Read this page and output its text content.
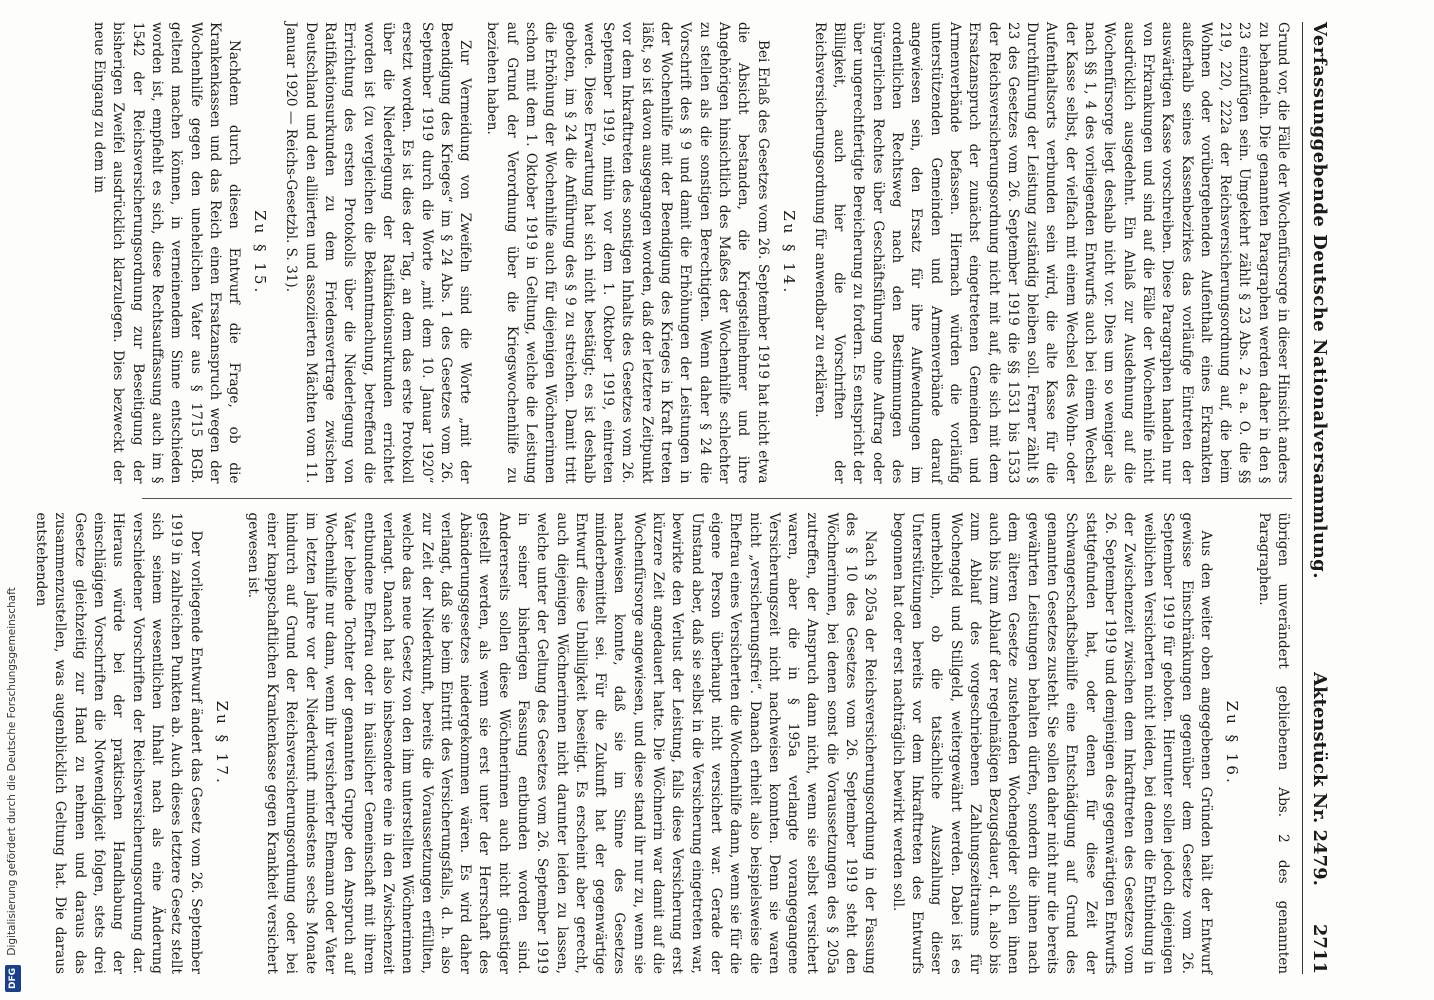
DFG Digitalisierung gefördert durch die Deutsche Forschungsgemeinschaft
Verfassunggebende Deutsche Nationalversammlung.
Aktenstück Nr. 2479.
2711

Grund vor, die Fälle der Wochenfürsorge in dieser Hinsicht anders zu behandeln. Die genannten Paragraphen werden daher in den § 23 einzufügen sein. Umgekehrt zählt § 23 Abs. 2 a. a. O. die §§ 219, 220, 222a der Reichsversicherungsordnung auf, die beim Wohnen oder vorübergehenden Aufenthalt eines Erkrankten außerhalb seines Kassenbezirkes das vorläufige Eintreten der auswärtigen Kasse vorschreiben. Diese Paragraphen handeln nur von Erkrankungen und sind auf die Fälle der Wochenhilfe nicht ausdrücklich ausgedehnt. Ein Anlaß zur Ausdehnung auf die Wochenfürsorge liegt deshalb nicht vor. Dies um so weniger als nach §§ 1, 4 des vorliegenden Entwurfs auch bei einem Wechsel der Kasse selbst, der vielfach mit einem Wechsel des Wohn- oder Aufenthaltsorts verbunden sein wird, die alte Kasse für die Durchführung der Leistung zuständig bleiben soll. Ferner zählt § 23 des Gesetzes vom 26. September 1919 die §§ 1531 bis 1533 der Reichsversicherungsordnung nicht mit auf, die sich mit dem Ersatzanspruch der zunächst eingetretenen Gemeinden und Armenverbände befassen. Hiernach würden die vorläufig unterstützenden Gemeinden und Armenverbände darauf angewiesen sein, den Ersatz für ihre Aufwendungen im ordentlichen Rechtsweg nach den Bestimmungen des bürgerlichen Rechtes über Geschäftsführung ohne Auftrag oder über ungerechtfertigte Bereicherung zu fordern. Es entspricht der Billigkeit, auch hier die Vorschriften der Reichsversicherungsordnung für anwendbar zu erklären.

Zu § 14.

Bei Erlaß des Gesetzes vom 26. September 1919 hat nicht etwa die Absicht bestanden, die Kriegsteilnehmer und ihre Angehörigen hinsichtlich des Maßes der Wochenhilfe schlechter zu stellen als die sonstigen Berechtigten. Wenn daher § 24 die Vorschrift des § 9 und damit die Erhöhungen der Leistungen in der Wochenhilfe mit der Beendigung des Krieges in Kraft treten läßt, so ist davon ausgegangen worden, daß der letztere Zeitpunkt vor dem Inkrafttreten des sonstigen Inhalts des Gesetzes vom 26. September 1919, mithin vor dem 1. Oktober 1919, eintreten werde. Diese Erwartung hat sich nicht bestätigt; es ist deshalb geboten, im § 24 die Anführung des § 9 zu streichen. Damit tritt die Erhöhung der Wochenhilfe auch für diejenigen Wöchnerinnen schon mit dem 1. Oktober 1919 in Geltung, welche die Leistung auf Grund der Verordnung über die Kriegswochenhilfe zu beziehen haben.

Zur Vermeidung von Zweifeln sind die Worte „mit der Beendigung des Krieges“ im § 24 Abs. 1 des Gesetzes vom 26. September 1919 durch die Worte „mit dem 10. Januar 1920“ ersetzt worden. Es ist dies der Tag, an dem das erste Protokoll über die Niederlegung der Ratifikationsurkunden errichtet worden ist (zu vergleichen die Bekanntmachung, betreffend die Errichtung des ersten Protokolls über die Niederlegung von Ratifikationsurkunden zu dem Friedensvertrage zwischen Deutschland und den alliierten und assoziierten Mächten vom 11. Januar 1920 — Reichs-Gesetzbl. S. 31).

Zu § 15.

Nachdem durch diesen Entwurf die Frage, ob die Krankenkassen und das Reich einen Ersatzanspruch wegen der Wochenhilfe gegen den unehelichen Vater aus § 1715 BGB. geltend machen können, in verneinendem Sinne entschieden worden ist, empfiehlt es sich, diese Rechtsauffassung auch im § 1542 der Reichsversicherungsordnung zur Beseitigung der bisherigen Zweifel ausdrücklich klarzulegen. Dies bezweckt der neue Eingang zu dem im

übrigen unverändert gebliebenen Abs. 2 des genannten Paragraphen.

Zu § 16.

Aus den weiter oben angegebenen Gründen hält der Entwurf gewisse Einschränkungen gegenüber dem Gesetze vom 26. September 1919 für geboten. Hierunter sollen jedoch diejenigen weiblichen Versicherten nicht leiden, bei denen die Entbindung in der Zwischenzeit zwischen dem Inkrafttreten des Gesetzes vom 26. September 1919 und demjenigen des gegenwärtigen Entwurfs stattgefunden hat, oder denen für diese Zeit der Schwangerschaftsbeihilfe eine Entschädigung auf Grund des genannten Gesetzes zusteht. Sie sollen daher nicht nur die bereits gewährten Leistungen behalten dürfen, sondern die ihnen nach dem älteren Gesetze zustehenden Wochengelder sollen ihnen auch bis zum Ablauf der regelmäßigen Bezugsdauer, d. h. also bis zum Ablauf des vorgeschriebenen Zahlungszeitraums für Wochengeld und Stillgeld, weitergewährt werden. Dabei ist es unerheblich, ob die tatsächliche Auszahlung dieser Unterstützungen bereits vor dem Inkrafttreten des Entwurfs begonnen hat oder erst nachträglich bewirkt werden soll.

Nach § 205a der Reichsversicherungsordnung in der Fassung des § 10 des Gesetzes vom 26. September 1919 steht den Wöchnerinnen, bei denen sonst die Voraussetzungen des § 205a zutreffen, der Anspruch dann nicht, wenn sie selbst versichert waren, aber die in § 195a verlangte vorangegangene Versicherungszeit nicht nachweisen konnten. Denn sie waren nicht „versicherungsfrei“. Danach erhielt also beispielsweise die Ehefrau eines Versicherten die Wochenhilfe dann, wenn sie für die eigene Person überhaupt nicht versichert war. Gerade der Umstand aber, daß sie selbst in die Versicherung eingetreten war, bewirkte den Verlust der Leistung, falls diese Versicherung erst kürzere Zeit angedauert hatte. Die Wöchnerin war damit auf die Wochenfürsorge angewiesen, und diese stand ihr nur zu, wenn sie nachweisen konnte, daß sie im Sinne des Gesetzes minderbemittelt sei. Für die Zukunft hat der gegenwärtige Entwurf diese Unbilligkeit beseitigt. Es erscheint aber gerecht, auch diejenigen Wöchnerinnen nicht darunter leiden zu lassen, welche unter der Geltung des Gesetzes vom 26. September 1919 in seiner bisherigen Fassung entbunden worden sind. Andererseits sollen diese Wöchnerinnen auch nicht günstiger gestellt werden, als wenn sie erst unter der Herrschaft des Abänderungsgesetzes niedergekommen wären. Es wird daher verlangt, daß sie beim Eintritt des Versicherungsfalls, d. h. also zur Zeit der Niederkunft, bereits die Voraussetzungen erfüllten, welche das neue Gesetz von den ihm unterstellten Wöchnerinnen verlangt. Danach hat also insbesondere eine in den Zwischenzeit entbundene Ehefrau oder in häuslicher Gemeinschaft mit ihrem Vater lebende Tochter der genannten Gruppe den Anspruch auf Wochenhilfe nur dann, wenn ihr versicherter Ehemann oder Vater im letzten Jahre vor der Niederkunft mindestens sechs Monate hindurch auf Grund der Reichsversicherungsordnung oder bei einer knappschaftlichen Krankenkasse gegen Krankheit versichert gewesen ist.

Zu § 17.

Der vorliegende Entwurf ändert das Gesetz vom 26. September 1919 in zahlreichen Punkten ab. Auch dieses letztere Gesetz stellt sich seinem wesentlichen Inhalt nach als eine Änderung verschiedener Vorschriften der Reichsversicherungsordnung dar. Hieraus würde bei der praktischen Handhabung der einschlägigen Vorschriften die Notwendigkeit folgen, stets drei Gesetze gleichzeitig zur Hand zu nehmen und daraus das zusammenzustellen, was augenblicklich Geltung hat. Die daraus entstehenden
